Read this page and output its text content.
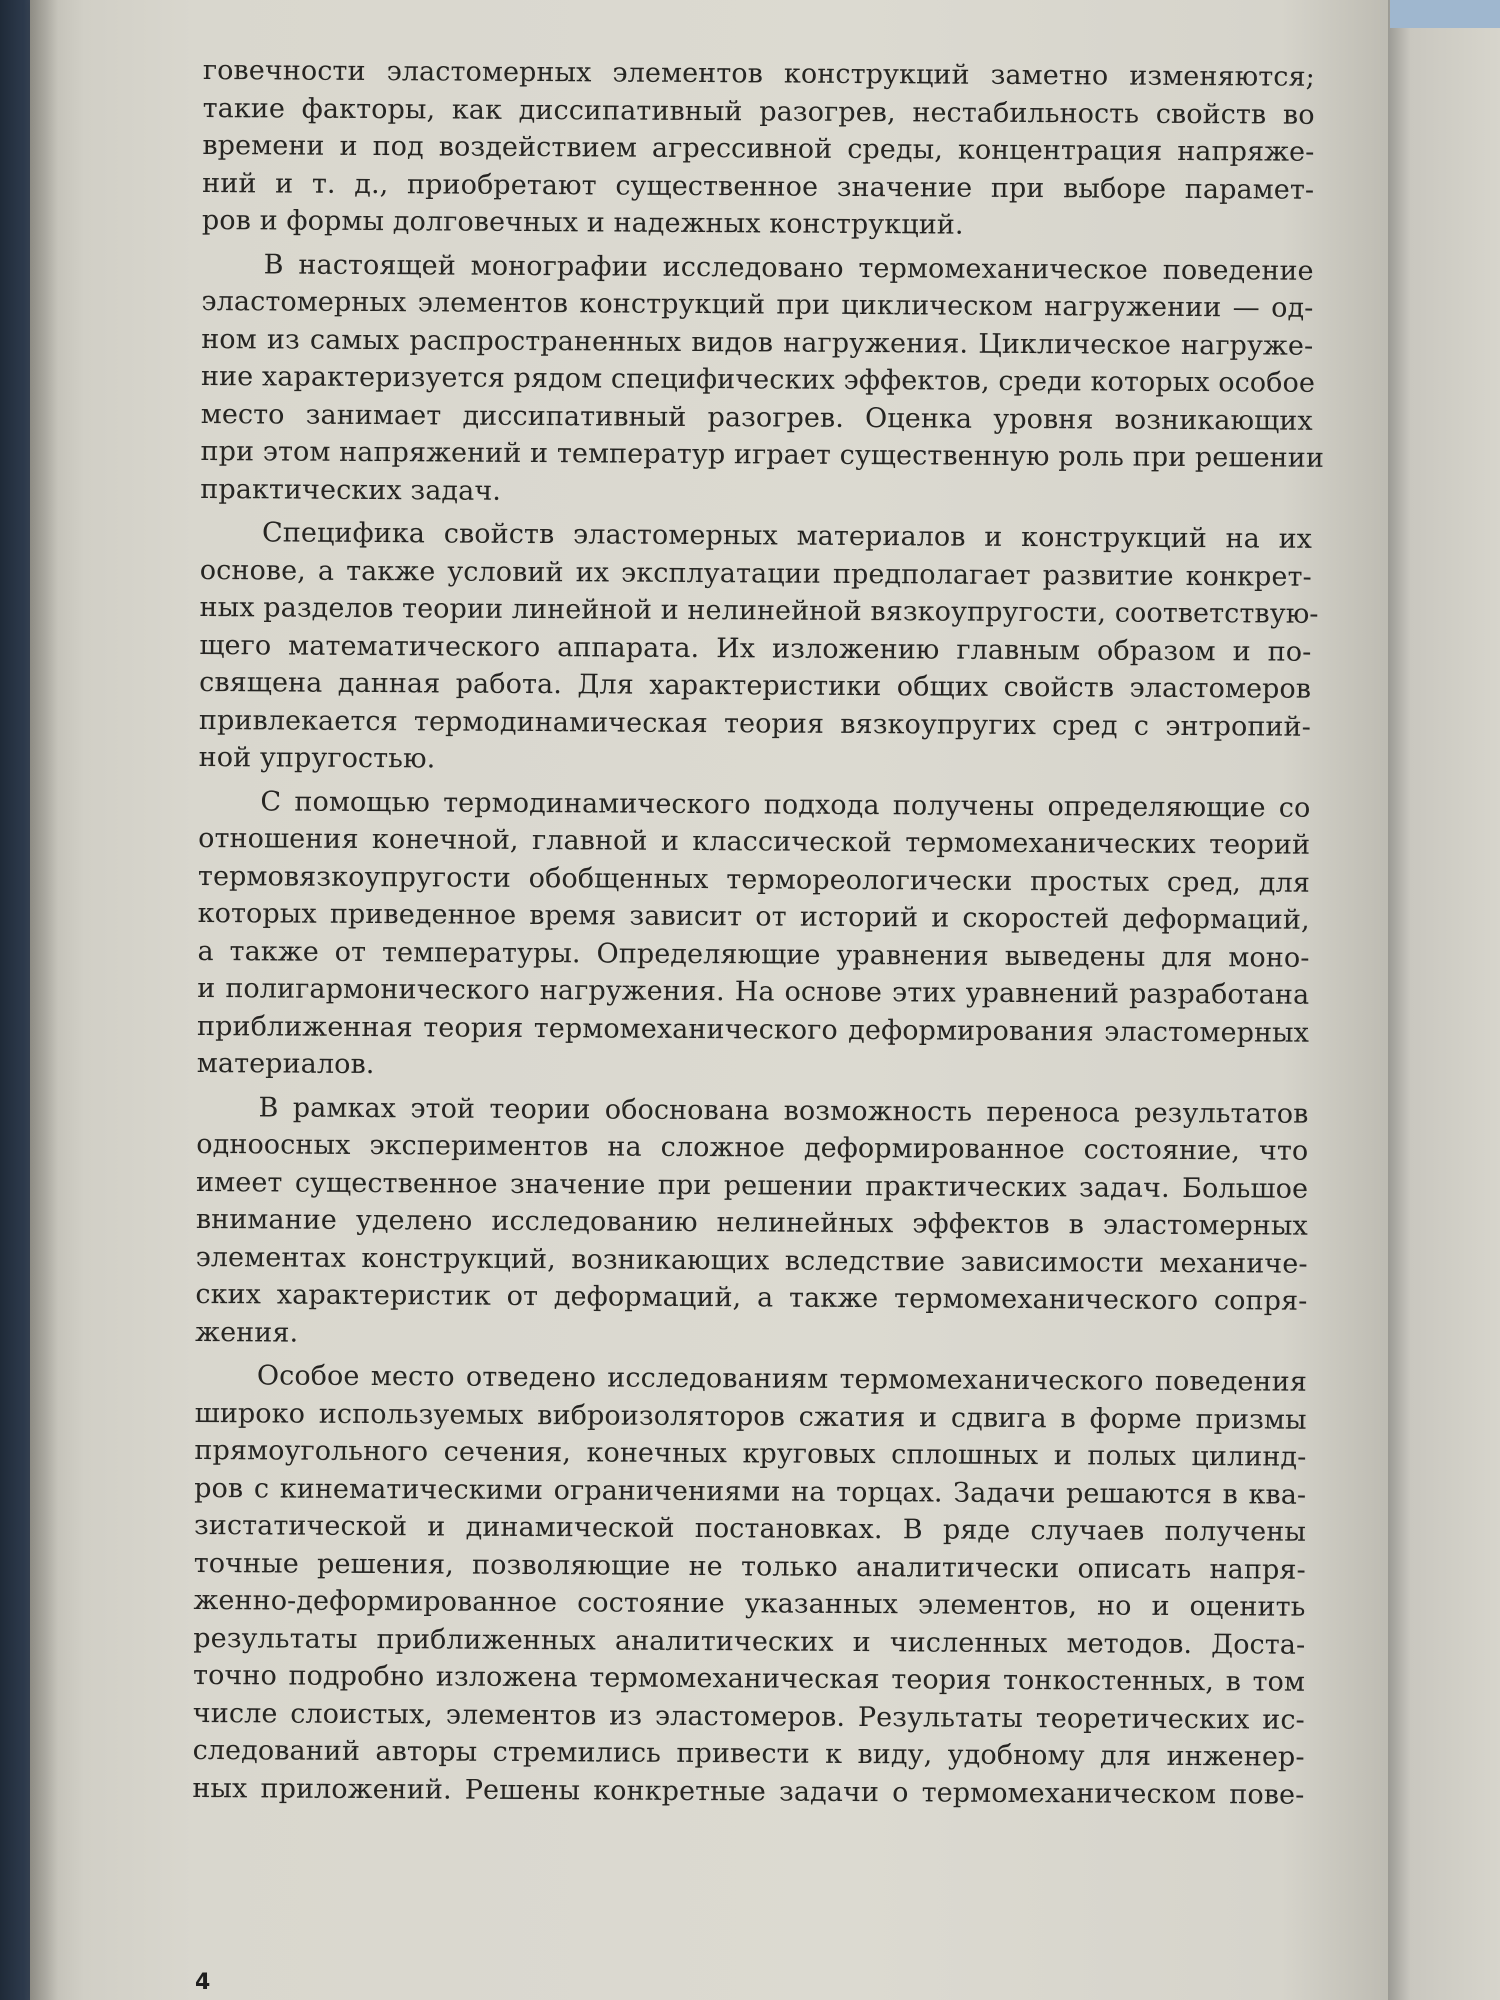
говечности эластомерных элементов конструкций заметно изменяются;
такие факторы, как диссипативный разогрев, нестабильность свойств во
времени и под воздействием агрессивной среды, концентрация напряже-
ний и т. д., приобретают существенное значение при выборе парамет-
ров и формы долговечных и надежных конструкций.
В настоящей монографии исследовано термомеханическое поведение
эластомерных элементов конструкций при циклическом нагружении — од-
ном из самых распространенных видов нагружения. Циклическое нагруже-
ние характеризуется рядом специфических эффектов, среди которых особое
место занимает диссипативный разогрев. Оценка уровня возникающих
при этом напряжений и температур играет существенную роль при решении
практических задач.
Специфика свойств эластомерных материалов и конструкций на их
основе, а также условий их эксплуатации предполагает развитие конкрет-
ных разделов теории линейной и нелинейной вязкоупругости, соответствую-
щего математического аппарата. Их изложению главным образом и по-
священа данная работа. Для характеристики общих свойств эластомеров
привлекается термодинамическая теория вязкоупругих сред с энтропий-
ной упругостью.
С помощью термодинамического подхода получены определяющие со
отношения конечной, главной и классической термомеханических теорий
термовязкоупругости обобщенных термореологически простых сред, для
которых приведенное время зависит от историй и скоростей деформаций,
а также от температуры. Определяющие уравнения выведены для моно-
и полигармонического нагружения. На основе этих уравнений разработана
приближенная теория термомеханического деформирования эластомерных
материалов.
В рамках этой теории обоснована возможность переноса результатов
одноосных экспериментов на сложное деформированное состояние, что
имеет существенное значение при решении практических задач. Большое
внимание уделено исследованию нелинейных эффектов в эластомерных
элементах конструкций, возникающих вследствие зависимости механиче-
ских характеристик от деформаций, а также термомеханического сопря-
жения.
Особое место отведено исследованиям термомеханического поведения
широко используемых виброизоляторов сжатия и сдвига в форме призмы
прямоугольного сечения, конечных круговых сплошных и полых цилинд-
ров с кинематическими ограничениями на торцах. Задачи решаются в ква-
зистатической и динамической постановках. В ряде случаев получены
точные решения, позволяющие не только аналитически описать напря-
женно-деформированное состояние указанных элементов, но и оценить
результаты приближенных аналитических и численных методов. Доста-
точно подробно изложена термомеханическая теория тонкостенных, в том
числе слоистых, элементов из эластомеров. Результаты теоретических ис-
следований авторы стремились привести к виду, удобному для инженер-
ных приложений. Решены конкретные задачи о термомеханическом пове-
4
